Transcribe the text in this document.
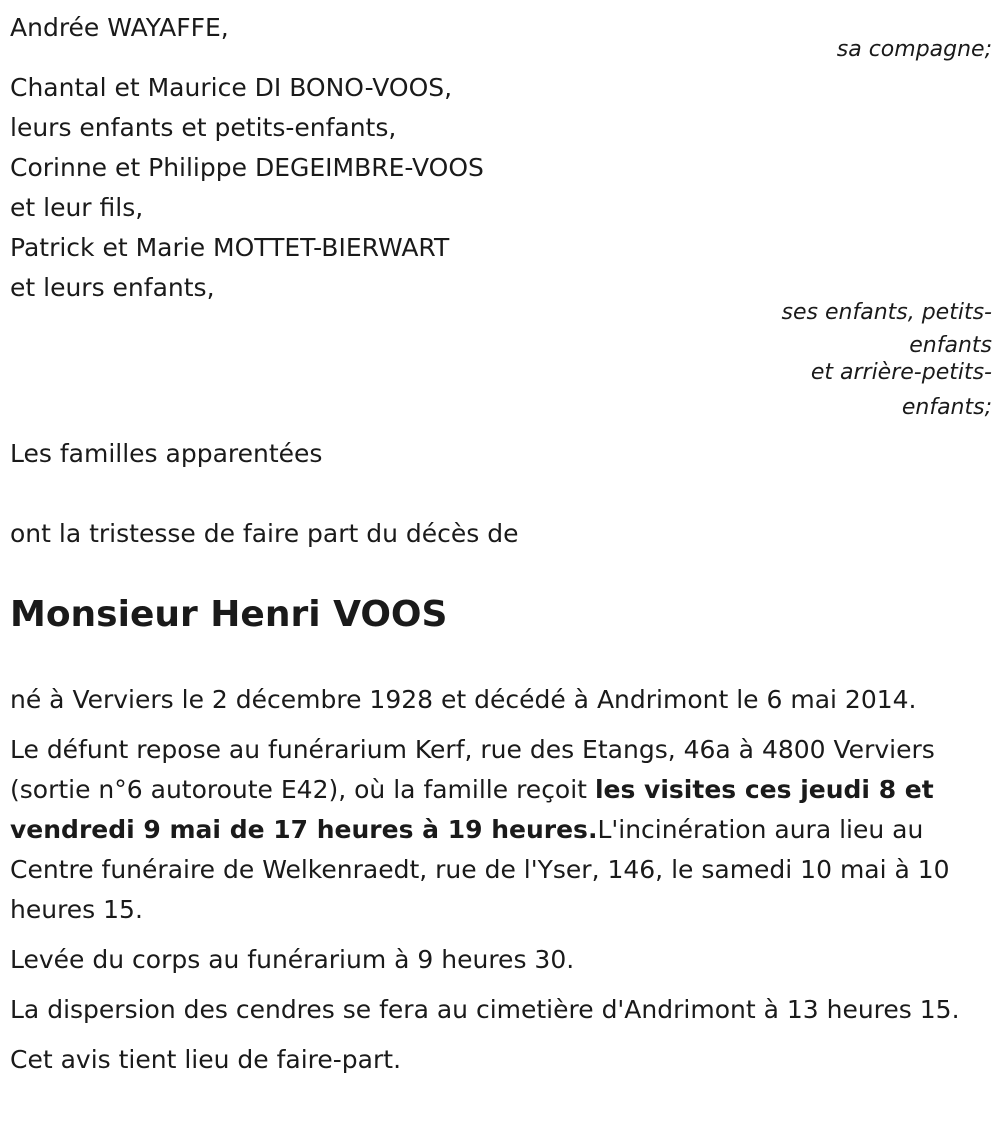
Andrée WAYAFFE,

sa compagne;

Chantal et Maurice DI BONO-VOOS,

leurs enfants et petits-enfants,

Corinne et Philippe DEGEIMBRE-VOOS

et leur fils,

Patrick et Marie MOTTET-BIERWART

et leurs enfants,

ses enfants, petits-
enfants
et arrière-petits-
enfants;

Les familles apparentées

ont la tristesse de faire part du décès de

Monsieur Henri VOOS

né à Verviers le 2 décembre 1928 et décédé à Andrimont le 6 mai 2014.

Le défunt repose au funérarium Kerf, rue des Etangs, 46a à 4800 Verviers (sortie n°6 autoroute E42), où la famille reçoit les visites ces jeudi 8 et vendredi 9 mai de 17 heures à 19 heures.L'incinération aura lieu au Centre funéraire de Welkenraedt, rue de l'Yser, 146, le samedi 10 mai à 10 heures 15.

Levée du corps au funérarium à 9 heures 30.

La dispersion des cendres se fera au cimetière d'Andrimont à 13 heures 15.

Cet avis tient lieu de faire-part.
